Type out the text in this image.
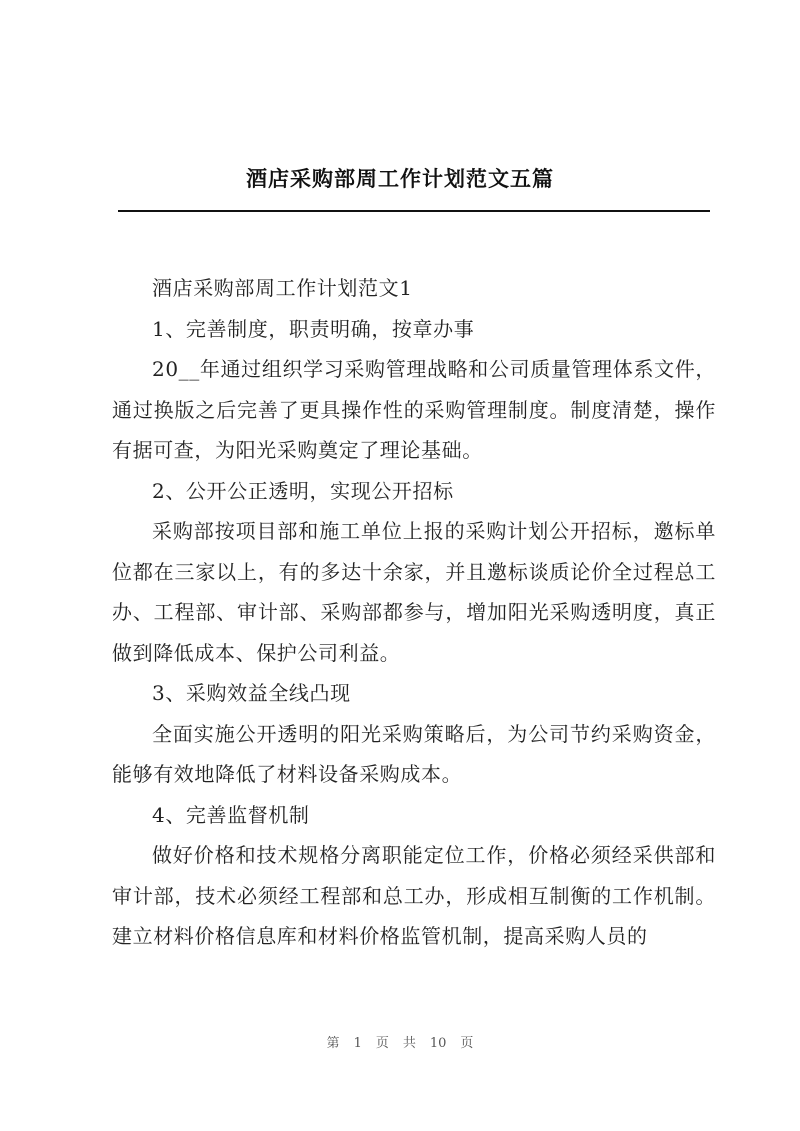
酒店采购部周工作计划范文五篇

酒店采购部周工作计划范文1

1、完善制度，职责明确，按章办事

20__年通过组织学习采购管理战略和公司质量管理体系文件，通过换版之后完善了更具操作性的采购管理制度。制度清楚，操作有据可查，为阳光采购奠定了理论基础。

2、公开公正透明，实现公开招标

采购部按项目部和施工单位上报的采购计划公开招标，邀标单位都在三家以上，有的多达十余家，并且邀标谈质论价全过程总工办、工程部、审计部、采购部都参与，增加阳光采购透明度，真正做到降低成本、保护公司利益。

3、采购效益全线凸现

全面实施公开透明的阳光采购策略后，为公司节约采购资金，能够有效地降低了材料设备采购成本。

4、完善监督机制

做好价格和技术规格分离职能定位工作，价格必须经采供部和审计部，技术必须经工程部和总工办，形成相互制衡的工作机制。建立材料价格信息库和材料价格监管机制，提高采购人员的

第 1 页 共 10 页
